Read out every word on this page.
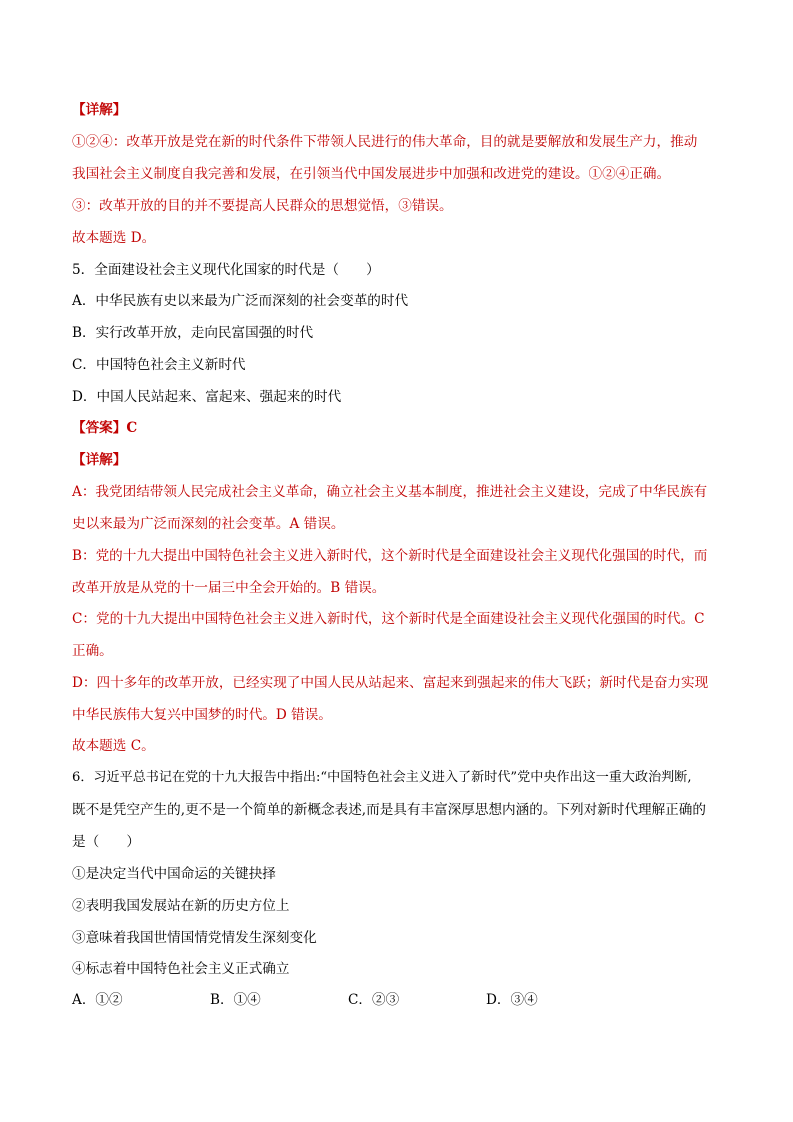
【详解】
①②④：改革开放是党在新的时代条件下带领人民进行的伟大革命，目的就是要解放和发展生产力，推动
我国社会主义制度自我完善和发展，在引领当代中国发展进步中加强和改进党的建设。①②④正确。
③：改革开放的目的并不要提高人民群众的思想觉悟，③错误。
故本题选 D。
5．全面建设社会主义现代化国家的时代是（　　）
A．中华民族有史以来最为广泛而深刻的社会变革的时代
B．实行改革开放，走向民富国强的时代
C．中国特色社会主义新时代
D．中国人民站起来、富起来、强起来的时代
【答案】C
【详解】
A：我党团结带领人民完成社会主义革命，确立社会主义基本制度，推进社会主义建设，完成了中华民族有
史以来最为广泛而深刻的社会变革。A 错误。
B：党的十九大提出中国特色社会主义进入新时代，这个新时代是全面建设社会主义现代化强国的时代，而
改革开放是从党的十一届三中全会开始的。B 错误。
C：党的十九大提出中国特色社会主义进入新时代，这个新时代是全面建设社会主义现代化强国的时代。C
正确。
D：四十多年的改革开放，已经实现了中国人民从站起来、富起来到强起来的伟大飞跃；新时代是奋力实现
中华民族伟大复兴中国梦的时代。D 错误。
故本题选 C。
6．习近平总书记在党的十九大报告中指出:“中国特色社会主义进入了新时代”党中央作出这一重大政治判断,
既不是凭空产生的,更不是一个简单的新概念表述,而是具有丰富深厚思想内涵的。下列对新时代理解正确的
是（　　）
①是决定当代中国命运的关键抉择
②表明我国发展站在新的历史方位上
③意味着我国世情国情党情发生深刻变化
④标志着中国特色社会主义正式确立
A．①②	B．①④	C．②③	D．③④
